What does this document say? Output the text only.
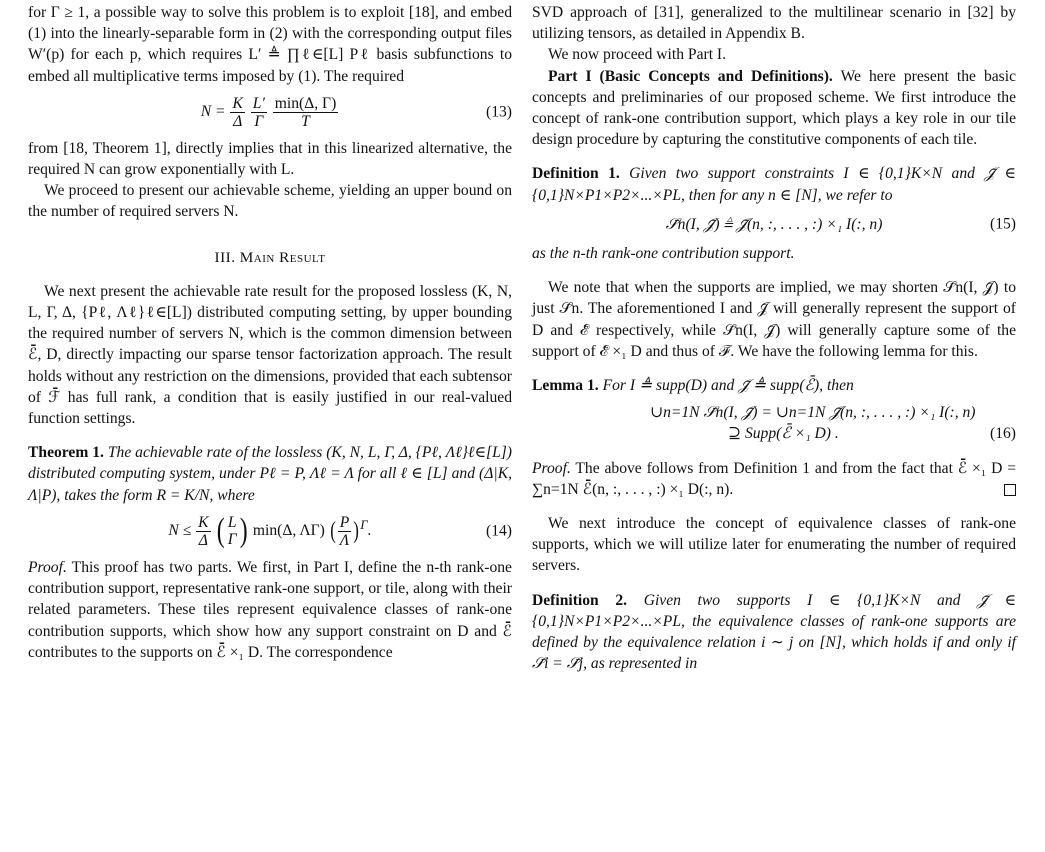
for Γ ≥ 1, a possible way to solve this problem is to exploit [18], and embed (1) into the linearly-separable form in (2) with the corresponding output files W′(p) for each p, which requires L′ ≜ ∏ℓ∈[L] Pℓ basis subfunctions to embed all multiplicative terms imposed by (1). The required

$N = \frac{K}{\Delta}$
$\frac{L'}{\Gamma}$
$\frac{\min(\Delta, \Gamma)}{T}$	(13)

from [18, Theorem 1], directly implies that in this linearized alternative, the required N can grow exponentially with L.

We proceed to present our achievable scheme, yielding an upper bound on the number of required servers N.

III. Main Result

We next present the achievable rate result for the proposed lossless (K, N, L, Γ, Δ, {Pℓ, Λℓ}ℓ∈[L]) distributed computing setting, by upper bounding the required number of servers N, which is the common dimension between ℰ̄, D, directly impacting our sparse tensor factorization approach. The result holds without any restriction on the dimensions, provided that each subtensor of ℱ̄ has full rank, a condition that is easily justified in our real-valued function settings.

Theorem 1. The achievable rate of the lossless (K, N, L, Γ, Δ, {Pℓ, Λℓ}ℓ∈[L]) distributed computing system, under Pℓ = P, Λℓ = Λ for all ℓ ∈ [L] and (Δ|K, Λ|P), takes the form R = K/N, where

$N \le \frac{K}{\Delta}$
( L
Γ ) min(Δ, ΛΓ) ( $\frac{P}{\Lambda}$ ) $^\Gamma$.	(14)

Proof. This proof has two parts. We first, in Part I, define the n-th rank-one contribution support, representative rank-one support, or tile, along with their related parameters. These tiles represent equivalence classes of rank-one contribution supports, which show how any support constraint on D and ℰ̄ contributes to the supports on ℰ̄ ×₁ D. The correspondence

SVD approach of [31], generalized to the multilinear scenario in [32] by utilizing tensors, as detailed in Appendix B.

We now proceed with Part I.

Part I (Basic Concepts and Definitions). We here present the basic concepts and preliminaries of our proposed scheme. We first introduce the concept of rank-one contribution support, which plays a key role in our tile design procedure by capturing the constitutive components of each tile.

Definition 1. Given two support constraints I ∈ {0,1}K×N and 𝒥̄ ∈ {0,1}N×P1×P2×...×PL, then for any n ∈ [N], we refer to

𝒮̄n(I, 𝒥̄) ≜ 𝒥̄(n, :, . . . , :) ×₁ I(:, n)	(15)

as the n-th rank-one contribution support.

We note that when the supports are implied, we may shorten 𝒮̄n(I, 𝒥̄) to just 𝒮̄n. The aforementioned I and 𝒥̄ will generally represent the support of D and ℰ̄ respectively, while 𝒮̄n(I, 𝒥̄) will generally capture some of the support of ℰ̄ ×₁ D and thus of ℱ̄. We have the following lemma for this.

Lemma 1. For I ≜ supp(D) and 𝒥̄ ≜ supp(ℰ̄), then

∪n=1N 𝒮̄n(I, 𝒥̄) = ∪n=1N 𝒥̄(n, :, . . . , :) ×₁ I(:, n)
⊇ Supp(ℰ̄ ×₁ D) .	(16)

Proof. The above follows from Definition 1 and from the fact that ℰ̄ ×₁ D = ∑n=1N ℰ̄(n, :, . . . , :) ×₁ D(:, n).

We next introduce the concept of equivalence classes of rank-one supports, which we will utilize later for enumerating the number of required servers.

Definition 2. Given two supports I ∈ {0,1}K×N and 𝒥̄ ∈ {0,1}N×P1×P2×...×PL, the equivalence classes of rank-one supports are defined by the equivalence relation i ∼ j on [N], which holds if and only if 𝒮̄i = 𝒮̄j, as represented in
